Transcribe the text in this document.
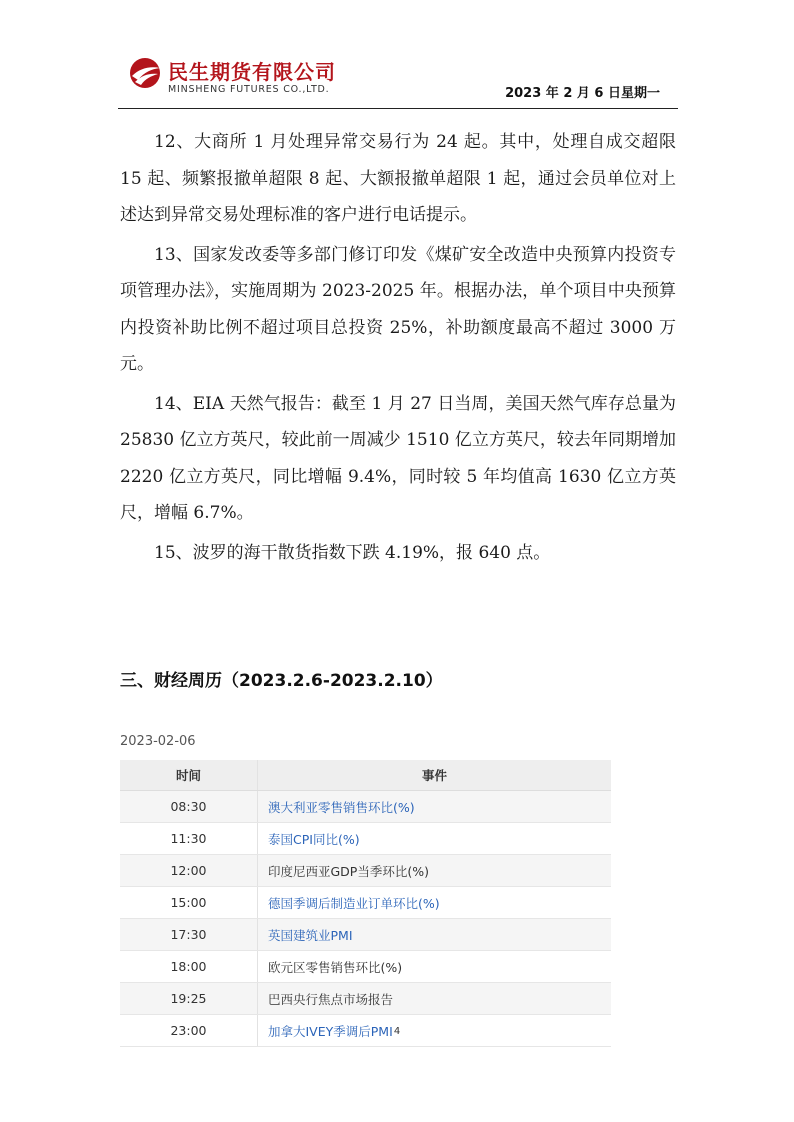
民生期货有限公司
MINSHENG FUTURES CO.,LTD.	2023 年 2 月 6 日星期一

12、大商所 1 月处理异常交易行为 24 起。其中，处理自成交超限 15 起、频繁报撤单超限 8 起、大额报撤单超限 1 起，通过会员单位对上述达到异常交易处理标准的客户进行电话提示。

13、国家发改委等多部门修订印发《煤矿安全改造中央预算内投资专项管理办法》，实施周期为 2023-2025 年。根据办法，单个项目中央预算内投资补助比例不超过项目总投资 25%，补助额度最高不超过 3000 万元。

14、EIA 天然气报告：截至 1 月 27 日当周，美国天然气库存总量为 25830 亿立方英尺，较此前一周减少 1510 亿立方英尺，较去年同期增加 2220 亿立方英尺，同比增幅 9.4%，同时较 5 年均值高 1630 亿立方英尺，增幅 6.7%。

15、波罗的海干散货指数下跌 4.19%，报 640 点。

三、财经周历（2023.2.6-2023.2.10）
2023-02-06
时间	事件
08:30	澳大利亚零售销售环比(%)
11:30	泰国CPI同比(%)
12:00	印度尼西亚GDP当季环比(%)
15:00	德国季调后制造业订单环比(%)
17:30	英国建筑业PMI
18:00	欧元区零售销售环比(%)
19:25	巴西央行焦点市场报告
23:00	加拿大IVEY季调后PMI 4
